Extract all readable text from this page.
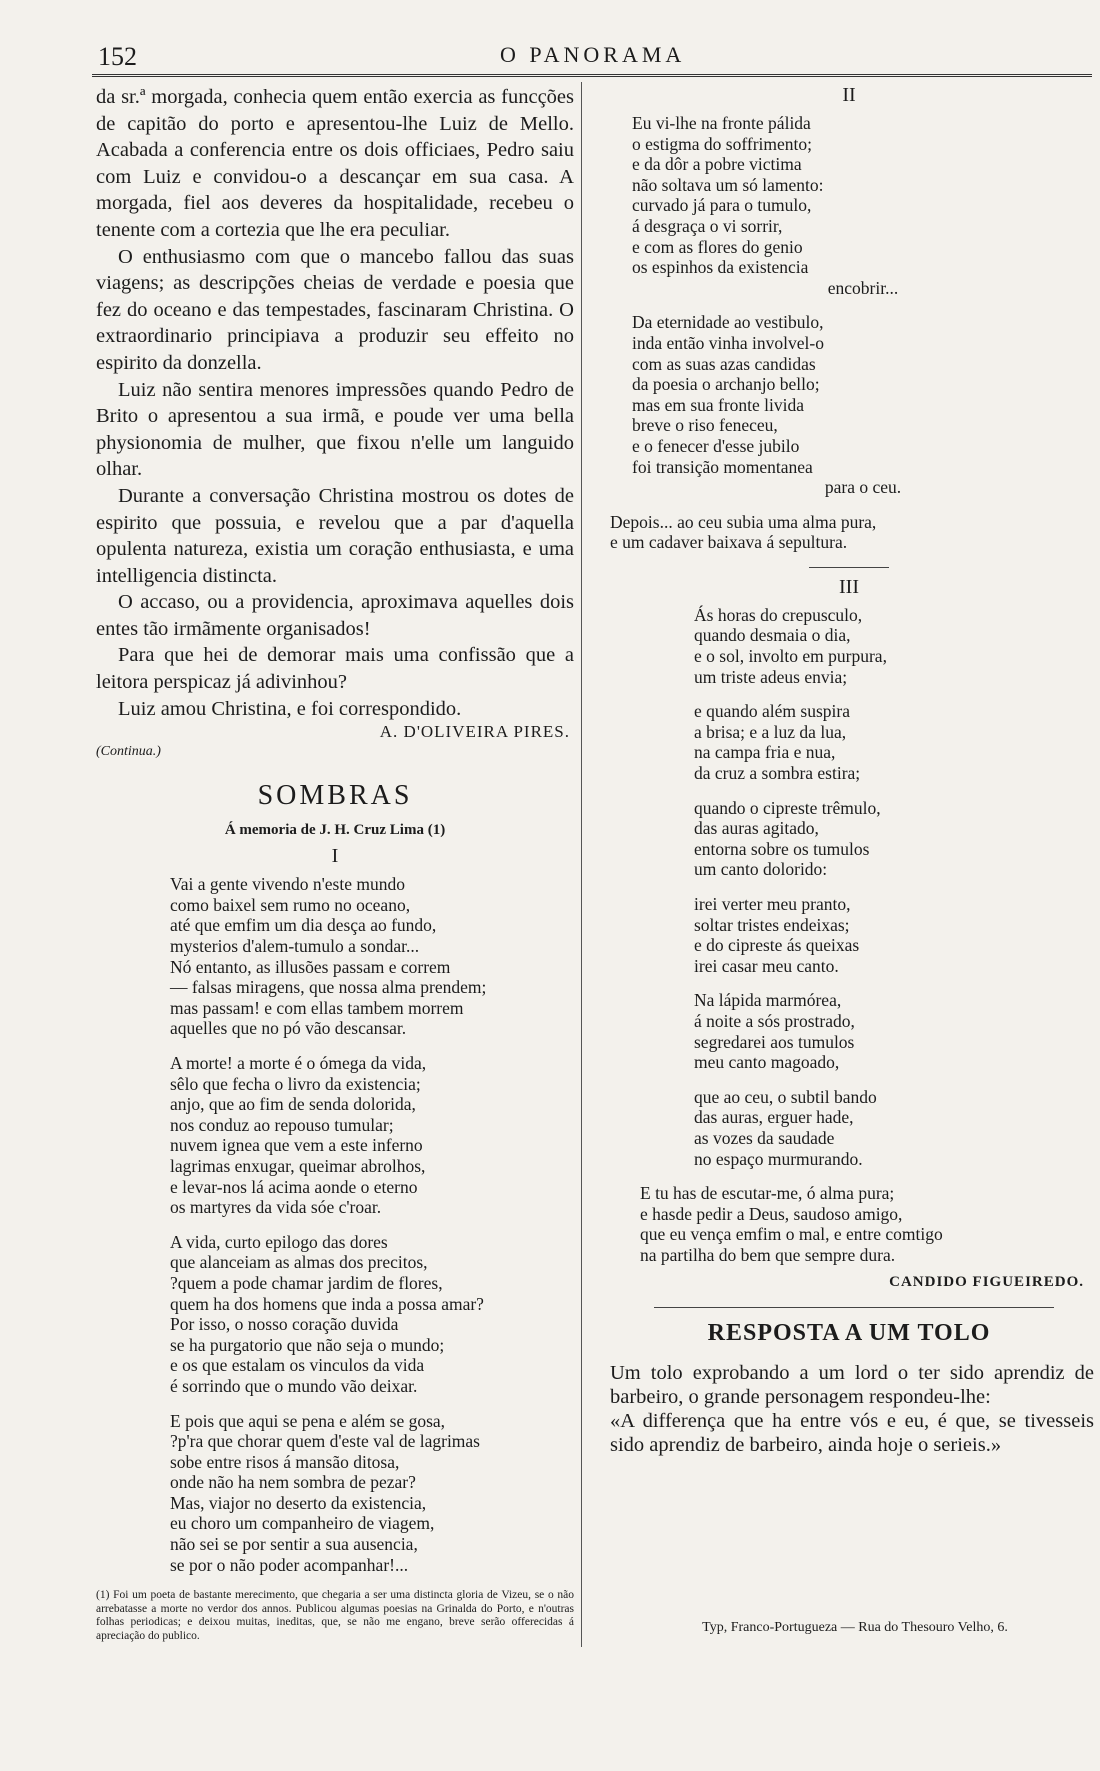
152	O PANORAMA

da sr.ª morgada, conhecia quem então exercia as funcções de capitão do porto e apresentou-lhe Luiz de Mello. Acabada a conferencia entre os dois officiaes, Pedro saiu com Luiz e convidou-o a descançar em sua casa. A morgada, fiel aos deveres da hospitalidade, recebeu o tenente com a cortezia que lhe era peculiar.

O enthusiasmo com que o mancebo fallou das suas viagens; as descripções cheias de verdade e poesia que fez do oceano e das tempestades, fascinaram Christina. O extraordinario principiava a produzir seu effeito no espirito da donzella.

Luiz não sentira menores impressões quando Pedro de Brito o apresentou a sua irmã, e poude ver uma bella physionomia de mulher, que fixou n'elle um languido olhar.

Durante a conversação Christina mostrou os dotes de espirito que possuia, e revelou que a par d'aquella opulenta natureza, existia um coração enthusiasta, e uma intelligencia distincta.

O accaso, ou a providencia, aproximava aquelles dois entes tão irmãmente organisados!

Para que hei de demorar mais uma confissão que a leitora perspicaz já adivinhou?

Luiz amou Christina, e foi correspondido.

A. D'OLIVEIRA PIRES.

(Continua.)

SOMBRAS
Á memoria de J. H. Cruz Lima (1)
I

Vai a gente vivendo n'este mundo

como baixel sem rumo no oceano,

até que emfim um dia desça ao fundo,

mysterios d'alem-tumulo a sondar...

Nó entanto, as illusões passam e correm

— falsas miragens, que nossa alma prendem;

mas passam! e com ellas tambem morrem

aquelles que no pó vão descansar.

A morte! a morte é o ómega da vida,

sêlo que fecha o livro da existencia;

anjo, que ao fim de senda dolorida,

nos conduz ao repouso tumular;

nuvem ignea que vem a este inferno

lagrimas enxugar, queimar abrolhos,

e levar-nos lá acima aonde o eterno

os martyres da vida sóe c'roar.

A vida, curto epilogo das dores

que alanceiam as almas dos precitos,

?quem a pode chamar jardim de flores,

quem ha dos homens que inda a possa amar?

Por isso, o nosso coração duvida

se ha purgatorio que não seja o mundo;

e os que estalam os vinculos da vida

é sorrindo que o mundo vão deixar.

E pois que aqui se pena e além se gosa,

?p'ra que chorar quem d'este val de lagrimas

sobe entre risos á mansão ditosa,

onde não ha nem sombra de pezar?

Mas, viajor no deserto da existencia,

eu choro um companheiro de viagem,

não sei se por sentir a sua ausencia,

se por o não poder acompanhar!...

(1) Foi um poeta de bastante merecimento, que chegaria a ser uma distincta gloria de Vizeu, se o não arrebatasse a morte no verdor dos annos. Publicou algumas poesias na Grinalda do Porto, e n'outras folhas periodicas; e deixou muitas, ineditas, que, se não me engano, breve serão offerecidas á apreciação do publico.
II

Eu vi-lhe na fronte pálida

o estigma do soffrimento;

e da dôr a pobre victima

não soltava um só lamento:

curvado já para o tumulo,

á desgraça o vi sorrir,

e com as flores do genio

os espinhos da existencia

encobrir...

Da eternidade ao vestibulo,

inda então vinha involvel-o

com as suas azas candidas

da poesia o archanjo bello;

mas em sua fronte livida

breve o riso feneceu,

e o fenecer d'esse jubilo

foi transição momentanea

para o ceu.

Depois... ao ceu subia uma alma pura,

e um cadaver baixava á sepultura.

III

Ás horas do crepusculo,

quando desmaia o dia,

e o sol, involto em purpura,

um triste adeus envia;

e quando além suspira

a brisa; e a luz da lua,

na campa fria e nua,

da cruz a sombra estira;

quando o cipreste trêmulo,

das auras agitado,

entorna sobre os tumulos

um canto dolorido:

irei verter meu pranto,

soltar tristes endeixas;

e do cipreste ás queixas

irei casar meu canto.

Na lápida marmórea,

á noite a sós prostrado,

segredarei aos tumulos

meu canto magoado,

que ao ceu, o subtil bando

das auras, erguer hade,

as vozes da saudade

no espaço murmurando.

E tu has de escutar-me, ó alma pura;

e hasde pedir a Deus, saudoso amigo,

que eu vença emfim o mal, e entre comtigo

na partilha do bem que sempre dura.

CANDIDO FIGUEIREDO.

RESPOSTA A UM TOLO

Um tolo exprobando a um lord o ter sido aprendiz de barbeiro, o grande personagem respondeu-lhe:

«A differença que ha entre vós e eu, é que, se tivesseis sido aprendiz de barbeiro, ainda hoje o serieis.»

Typ, Franco-Portugueza — Rua do Thesouro Velho, 6.
